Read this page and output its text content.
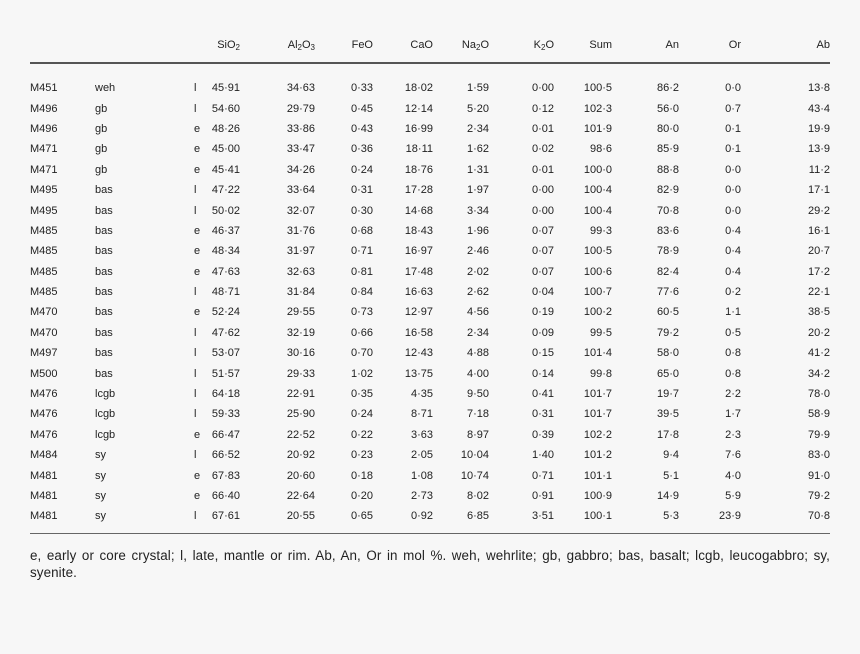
			SiO$_2$	$Al_2O_3$	FeO	CaO	$Na_2O$	$K_2O$	Sum	An	Or	Ab

M451	weh	l	45·91	34·63	0·33	18·02	1·59	0·00	100·5	86·2	0·0	13·8
M496	gb	l	54·60	29·79	0·45	12·14	5·20	0·12	102·3	56·0	0·7	43·4
M496	gb	e	48·26	33·86	0·43	16·99	2·34	0·01	101·9	80·0	0·1	19·9
M471	gb	e	45·00	33·47	0·36	18·11	1·62	0·02	98·6	85·9	0·1	13·9
M471	gb	e	45·41	34·26	0·24	18·76	1·31	0·01	100·0	88·8	0·0	11·2
M495	bas	l	47·22	33·64	0·31	17·28	1·97	0·00	100·4	82·9	0·0	17·1
M495	bas	l	50·02	32·07	0·30	14·68	3·34	0·00	100·4	70·8	0·0	29·2
M485	bas	e	46·37	31·76	0·68	18·43	1·96	0·07	99·3	83·6	0·4	16·1
M485	bas	e	48·34	31·97	0·71	16·97	2·46	0·07	100·5	78·9	0·4	20·7
M485	bas	e	47·63	32·63	0·81	17·48	2·02	0·07	100·6	82·4	0·4	17·2
M485	bas	l	48·71	31·84	0·84	16·63	2·62	0·04	100·7	77·6	0·2	22·1
M470	bas	e	52·24	29·55	0·73	12·97	4·56	0·19	100·2	60·5	1·1	38·5
M470	bas	l	47·62	32·19	0·66	16·58	2·34	0·09	99·5	79·2	0·5	20·2
M497	bas	l	53·07	30·16	0·70	12·43	4·88	0·15	101·4	58·0	0·8	41·2
M500	bas	l	51·57	29·33	1·02	13·75	4·00	0·14	99·8	65·0	0·8	34·2
M476	lcgb	l	64·18	22·91	0·35	4·35	9·50	0·41	101·7	19·7	2·2	78·0
M476	lcgb	l	59·33	25·90	0·24	8·71	7·18	0·31	101·7	39·5	1·7	58·9
M476	lcgb	e	66·47	22·52	0·22	3·63	8·97	0·39	102·2	17·8	2·3	79·9
M484	sy	l	66·52	20·92	0·23	2·05	10·04	1·40	101·2	9·4	7·6	83·0
M481	sy	e	67·83	20·60	0·18	1·08	10·74	0·71	101·1	5·1	4·0	91·0
M481	sy	e	66·40	22·64	0·20	2·73	8·02	0·91	100·9	14·9	5·9	79·2
M481	sy	l	67·61	20·55	0·65	0·92	6·85	3·51	100·1	5·3	23·9	70·8

e, early or core crystal; l, late, mantle or rim. Ab, An, Or in mol %. weh, wehrlite; gb, gabbro; bas, basalt; lcgb, leucogabbro; sy, syenite.
